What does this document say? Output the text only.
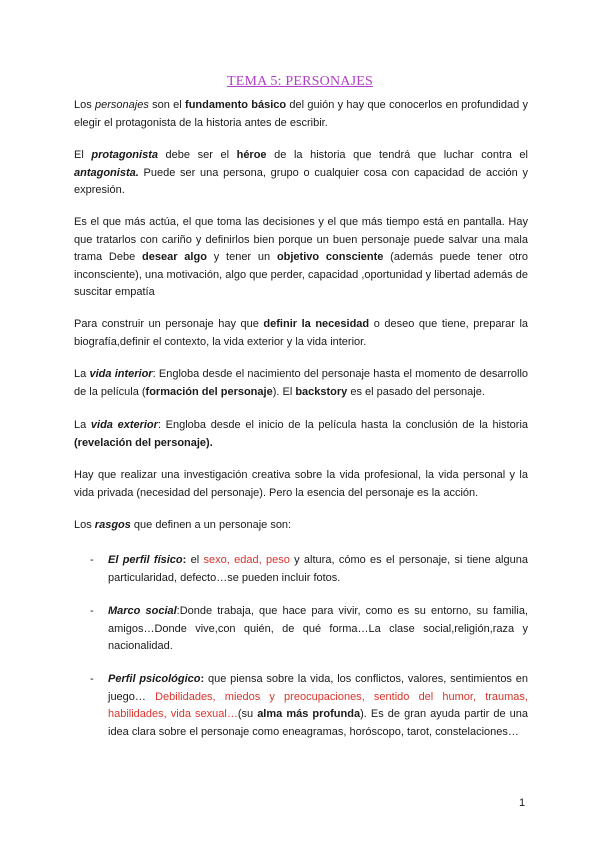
TEMA 5: PERSONAJES

Los personajes son el fundamento básico del guión y hay que conocerlos en profundidad y elegir el protagonista de la historia antes de escribir.

El protagonista debe ser el héroe de la historia que tendrá que luchar contra el antagonista. Puede ser una persona, grupo o cualquier cosa con capacidad de acción y expresión.

Es el que más actúa, el que toma las decisiones y el que más tiempo está en pantalla. Hay que tratarlos con cariño y definirlos bien porque un buen personaje puede salvar una mala trama Debe desear algo y tener un objetivo consciente (además puede tener otro inconsciente), una motivación, algo que perder, capacidad ,oportunidad y libertad además de suscitar empatía

Para construir un personaje hay que definir la necesidad o deseo que tiene, preparar la biografía,definir el contexto, la vida exterior y la vida interior.

La vida interior: Engloba desde el nacimiento del personaje hasta el momento de desarrollo de la película (formación del personaje). El backstory es el pasado del personaje.

La vida exterior: Engloba desde el inicio de la película hasta la conclusión de la historia (revelación del personaje).

Hay que realizar una investigación creativa sobre la vida profesional, la vida personal y la vida privada (necesidad del personaje). Pero la esencia del personaje es la acción.

Los rasgos que definen a un personaje son:

- El perfil físico: el sexo, edad, peso y altura, cómo es el personaje, si tiene alguna particularidad, defecto…se pueden incluir fotos.

- Marco social:Donde trabaja, que hace para vivir, como es su entorno, su familia, amigos…Donde vive,con quién, de qué forma…La clase social,religión,raza y nacionalidad.

- Perfil psicológico: que piensa sobre la vida, los conflictos, valores, sentimientos en juego… Debilidades, miedos y preocupaciones, sentido del humor, traumas, habilidades, vida sexual…(su alma más profunda). Es de gran ayuda partir de una idea clara sobre el personaje como eneagramas, horóscopo, tarot, constelaciones…

1
